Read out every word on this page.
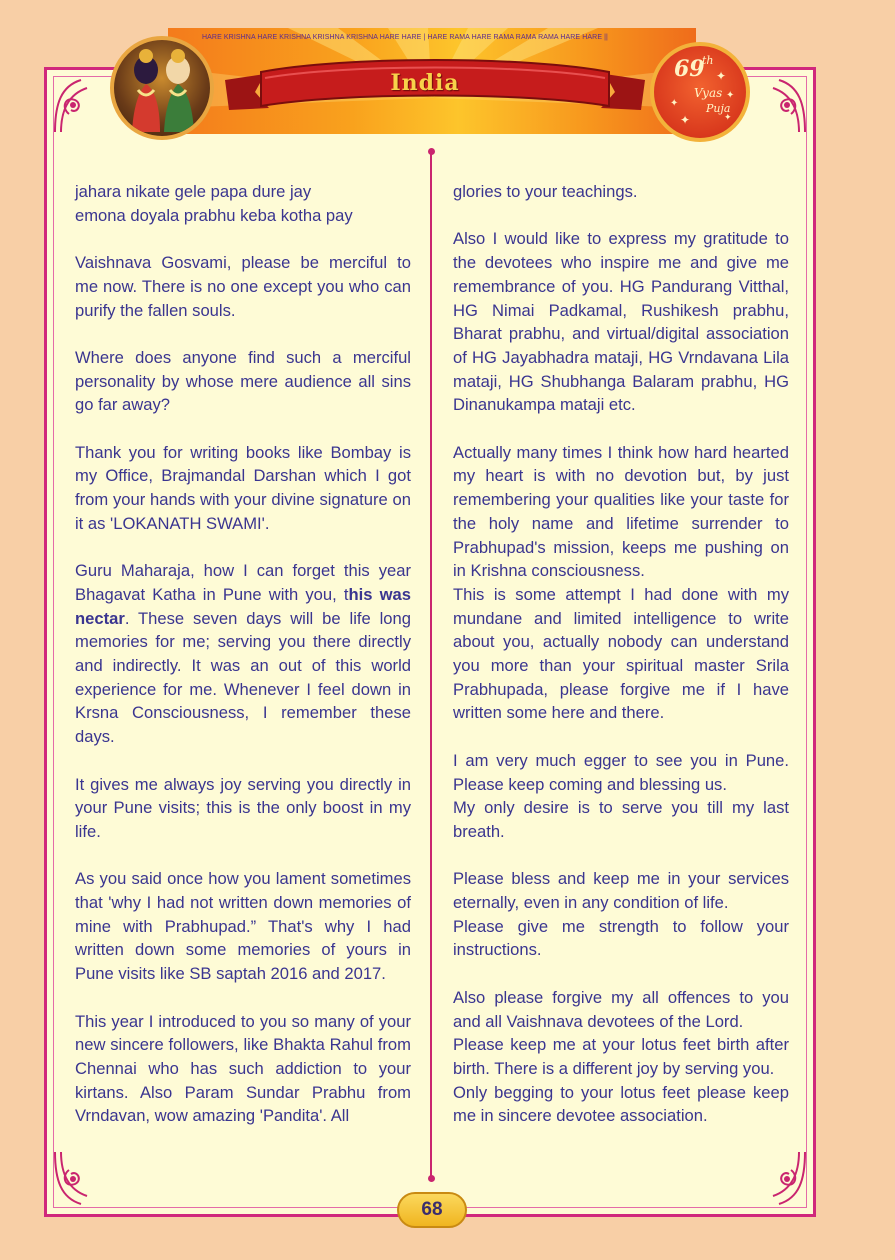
HARE KRISHNA HARE KRISHNA KRISHNA KRISHNA HARE HARE | HARE RAMA HARE RAMA RAMA RAMA HARE HARE ||
India	✦
✦
✦
✦	✦
69
th
Vyas
Puja

jahara nikate gele papa dure jay
emona doyala prabhu keba kotha pay

Vaishnava Gosvami, please be merciful to me now. There is no one except you who can purify the fallen souls.

Where does anyone find such a merciful personality by whose mere audience all sins go far away?

Thank you for writing books like Bombay is my Office, Brajmandal Darshan which I got from your hands with your divine signature on it as 'LOKANATH SWAMI'.

Guru Maharaja, how I can forget this year Bhagavat Katha in Pune with you, this was nectar. These seven days will be life long memories for me; serving you there directly and indirectly. It was an out of this world experience for me. Whenever I feel down in Krsna Consciousness, I remember these days.

It gives me always joy serving you directly in your Pune visits; this is the only boost in my life.

As you said once how you lament sometimes that 'why I had not written down memories of mine with Prabhupad.” That's why I had written down some memories of yours in Pune visits like SB saptah 2016 and 2017.

This year I introduced to you so many of your new sincere followers, like Bhakta Rahul from Chennai who has such addiction to your kirtans. Also Param Sundar Prabhu from Vrndavan, wow amazing 'Pandita'. All

glories to your teachings.

Also I would like to express my gratitude to the devotees who inspire me and give me remembrance of you. HG Pandurang Vitthal, HG Nimai Padkamal, Rushikesh prabhu, Bharat prabhu, and virtual/digital association of HG Jayabhadra mataji, HG Vrndavana Lila mataji, HG Shubhanga Balaram prabhu, HG Dinanukampa mataji etc.

Actually many times I think how hard hearted my heart is with no devotion but, by just remembering your qualities like your taste for the holy name and lifetime surrender to Prabhupad's mission, keeps me pushing on in Krishna consciousness.

This is some attempt I had done with my mundane and limited intelligence to write about you, actually nobody can understand you more than your spiritual master Srila Prabhupada, please forgive me if I have written some here and there.

I am very much egger to see you in Pune. Please keep coming and blessing us.

My only desire is to serve you till my last breath.

Please bless and keep me in your services eternally, even in any condition of life.

Please give me strength to follow your instructions.

Also please forgive my all offences to you and all Vaishnava devotees of the Lord.

Please keep me at your lotus feet birth after birth. There is a different joy by serving you.

Only begging to your lotus feet please keep me in sincere devotee association.

68
